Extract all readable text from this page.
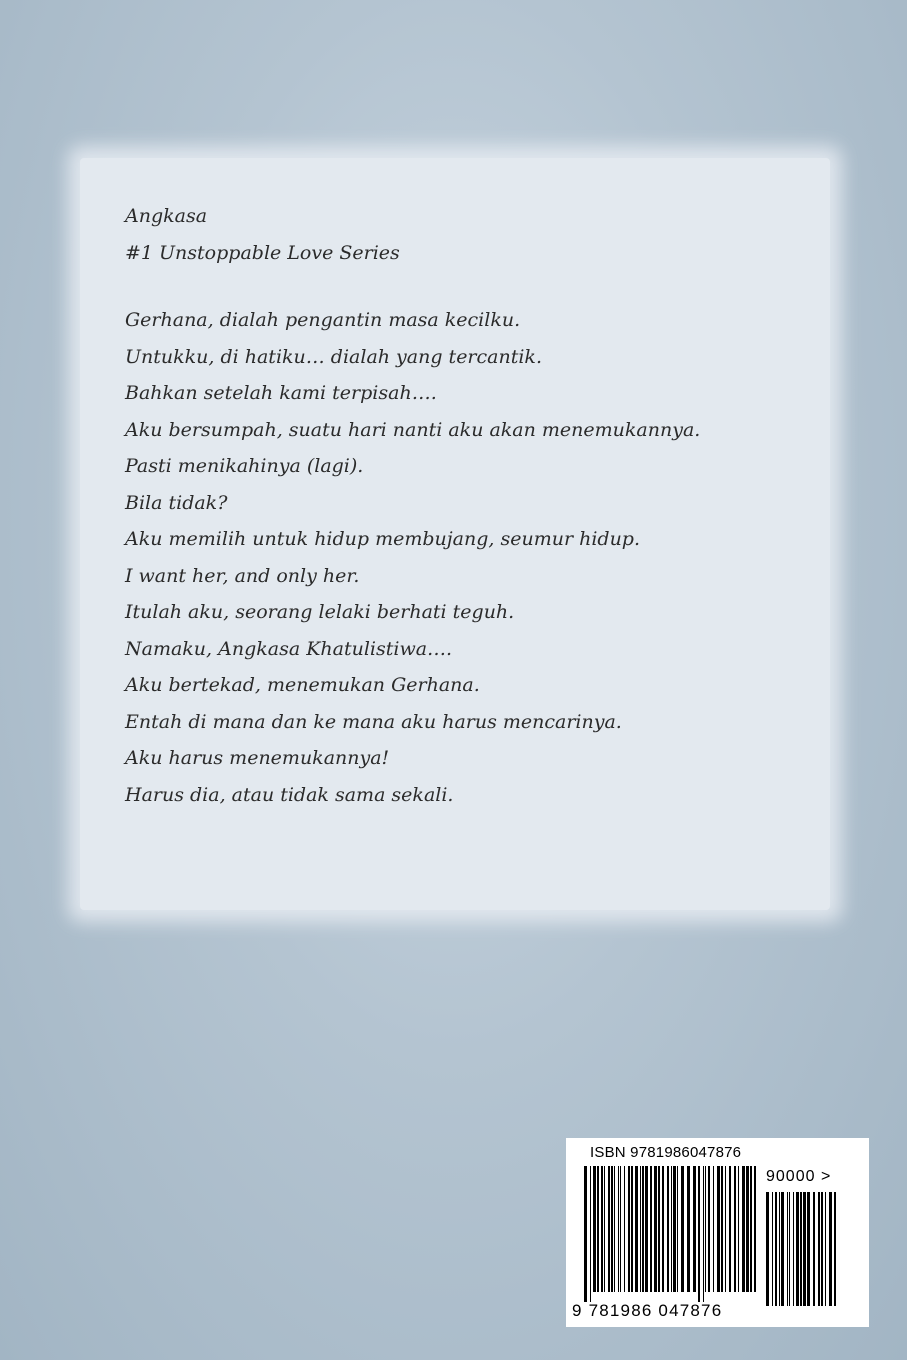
Angkasa
#1 Unstoppable Love Series
Gerhana, dialah pengantin masa kecilku.
Untukku, di hatiku… dialah yang tercantik.
Bahkan setelah kami terpisah….
Aku bersumpah, suatu hari nanti aku akan menemukannya.
Pasti menikahinya (lagi).
Bila tidak?
Aku memilih untuk hidup membujang, seumur hidup.
I want her, and only her.
Itulah aku, seorang lelaki berhati teguh.
Namaku, Angkasa Khatulistiwa….
Aku bertekad, menemukan Gerhana.
Entah di mana dan ke mana aku harus mencarinya.
Aku harus menemukannya!
Harus dia, atau tidak sama sekali.
ISBN 9781986047876
90000 >
9 781986 047876
